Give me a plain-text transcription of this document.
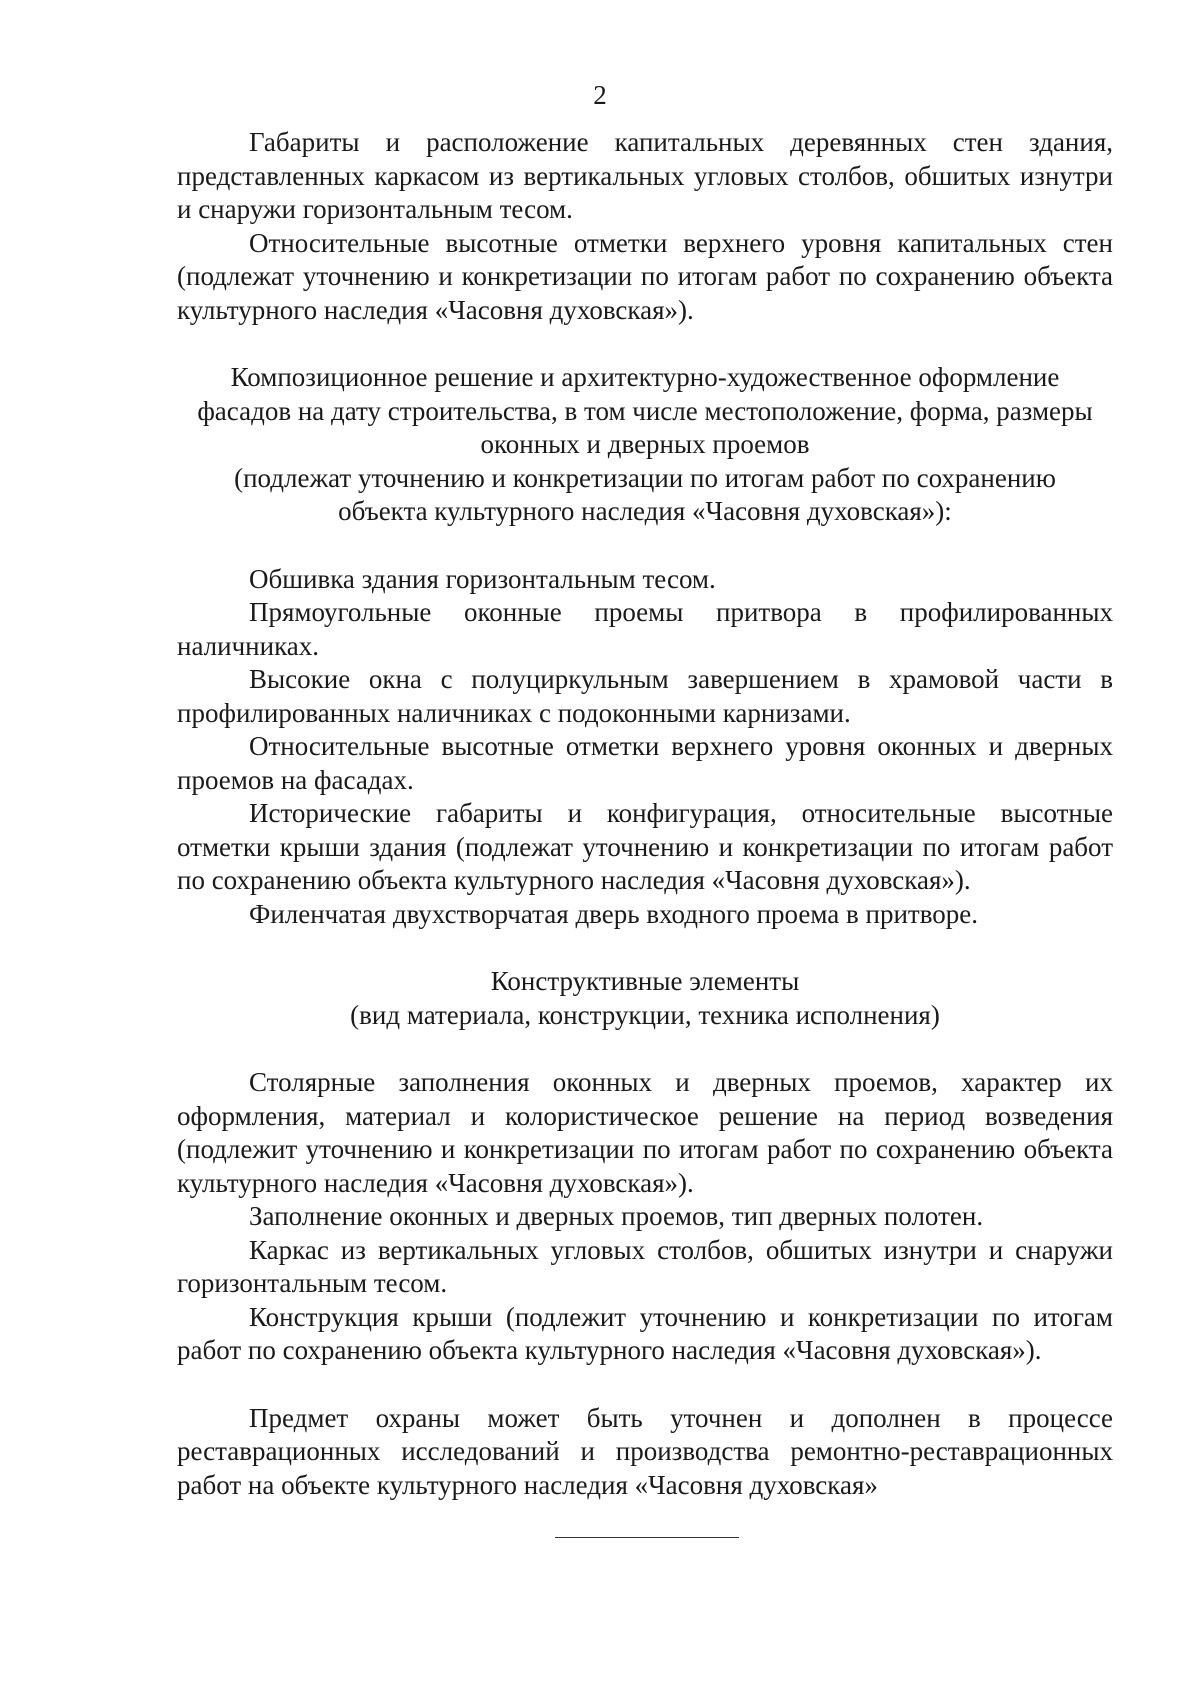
2

Габариты и расположение капитальных деревянных стен здания, представленных каркасом из вертикальных угловых столбов, обшитых изнутри и снаружи горизонтальным тесом.

Относительные высотные отметки верхнего уровня капитальных стен (подлежат уточнению и конкретизации по итогам работ по сохранению объекта культурного наследия «Часовня духовская»).

Композиционное решение и архитектурно-художественное оформление
фасадов на дату строительства, в том числе местоположение, форма, размеры
оконных и дверных проемов
(подлежат уточнению и конкретизации по итогам работ по сохранению
объекта культурного наследия «Часовня духовская»):

Обшивка здания горизонтальным тесом.

Прямоугольные оконные проемы притвора в профилированных наличниках.

Высокие окна с полуциркульным завершением в храмовой части в профилированных наличниках с подоконными карнизами.

Относительные высотные отметки верхнего уровня оконных и дверных проемов на фасадах.

Исторические габариты и конфигурация, относительные высотные отметки крыши здания (подлежат уточнению и конкретизации по итогам работ по сохранению объекта культурного наследия «Часовня духовская»).

Филенчатая двухстворчатая дверь входного проема в притворе.

Конструктивные элементы
(вид материала, конструкции, техника исполнения)

Столярные заполнения оконных и дверных проемов, характер их оформления, материал и колористическое решение на период возведения (подлежит уточнению и конкретизации по итогам работ по сохранению объекта культурного наследия «Часовня духовская»).

Заполнение оконных и дверных проемов, тип дверных полотен.

Каркас из вертикальных угловых столбов, обшитых изнутри и снаружи горизонтальным тесом.

Конструкция крыши (подлежит уточнению и конкретизации по итогам работ по сохранению объекта культурного наследия «Часовня духовская»).

Предмет охраны может быть уточнен и дополнен в процессе реставрационных исследований и производства ремонтно-реставрационных работ на объекте культурного наследия «Часовня духовская»
